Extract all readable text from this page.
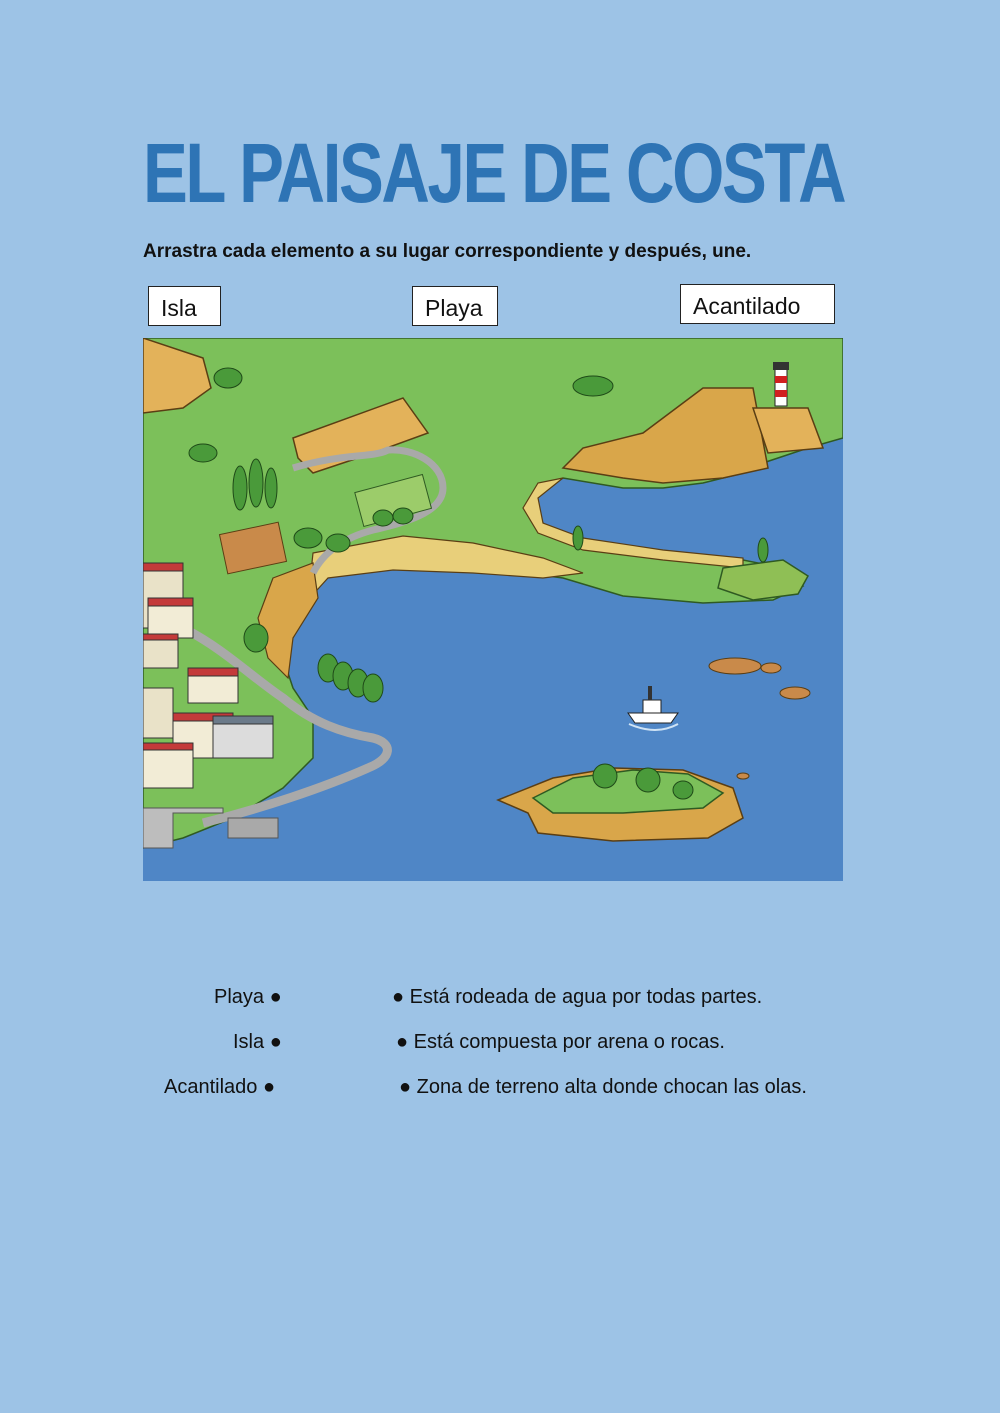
EL PAISAJE DE COSTA
Arrastra cada elemento a su lugar correspondiente y después, une.
Isla	Playa	Acantilado
Playa ●	● Está rodeada de agua por todas partes.
Isla ●	● Está compuesta por arena o rocas.
Acantilado ●	● Zona de terreno alta donde chocan las olas.
